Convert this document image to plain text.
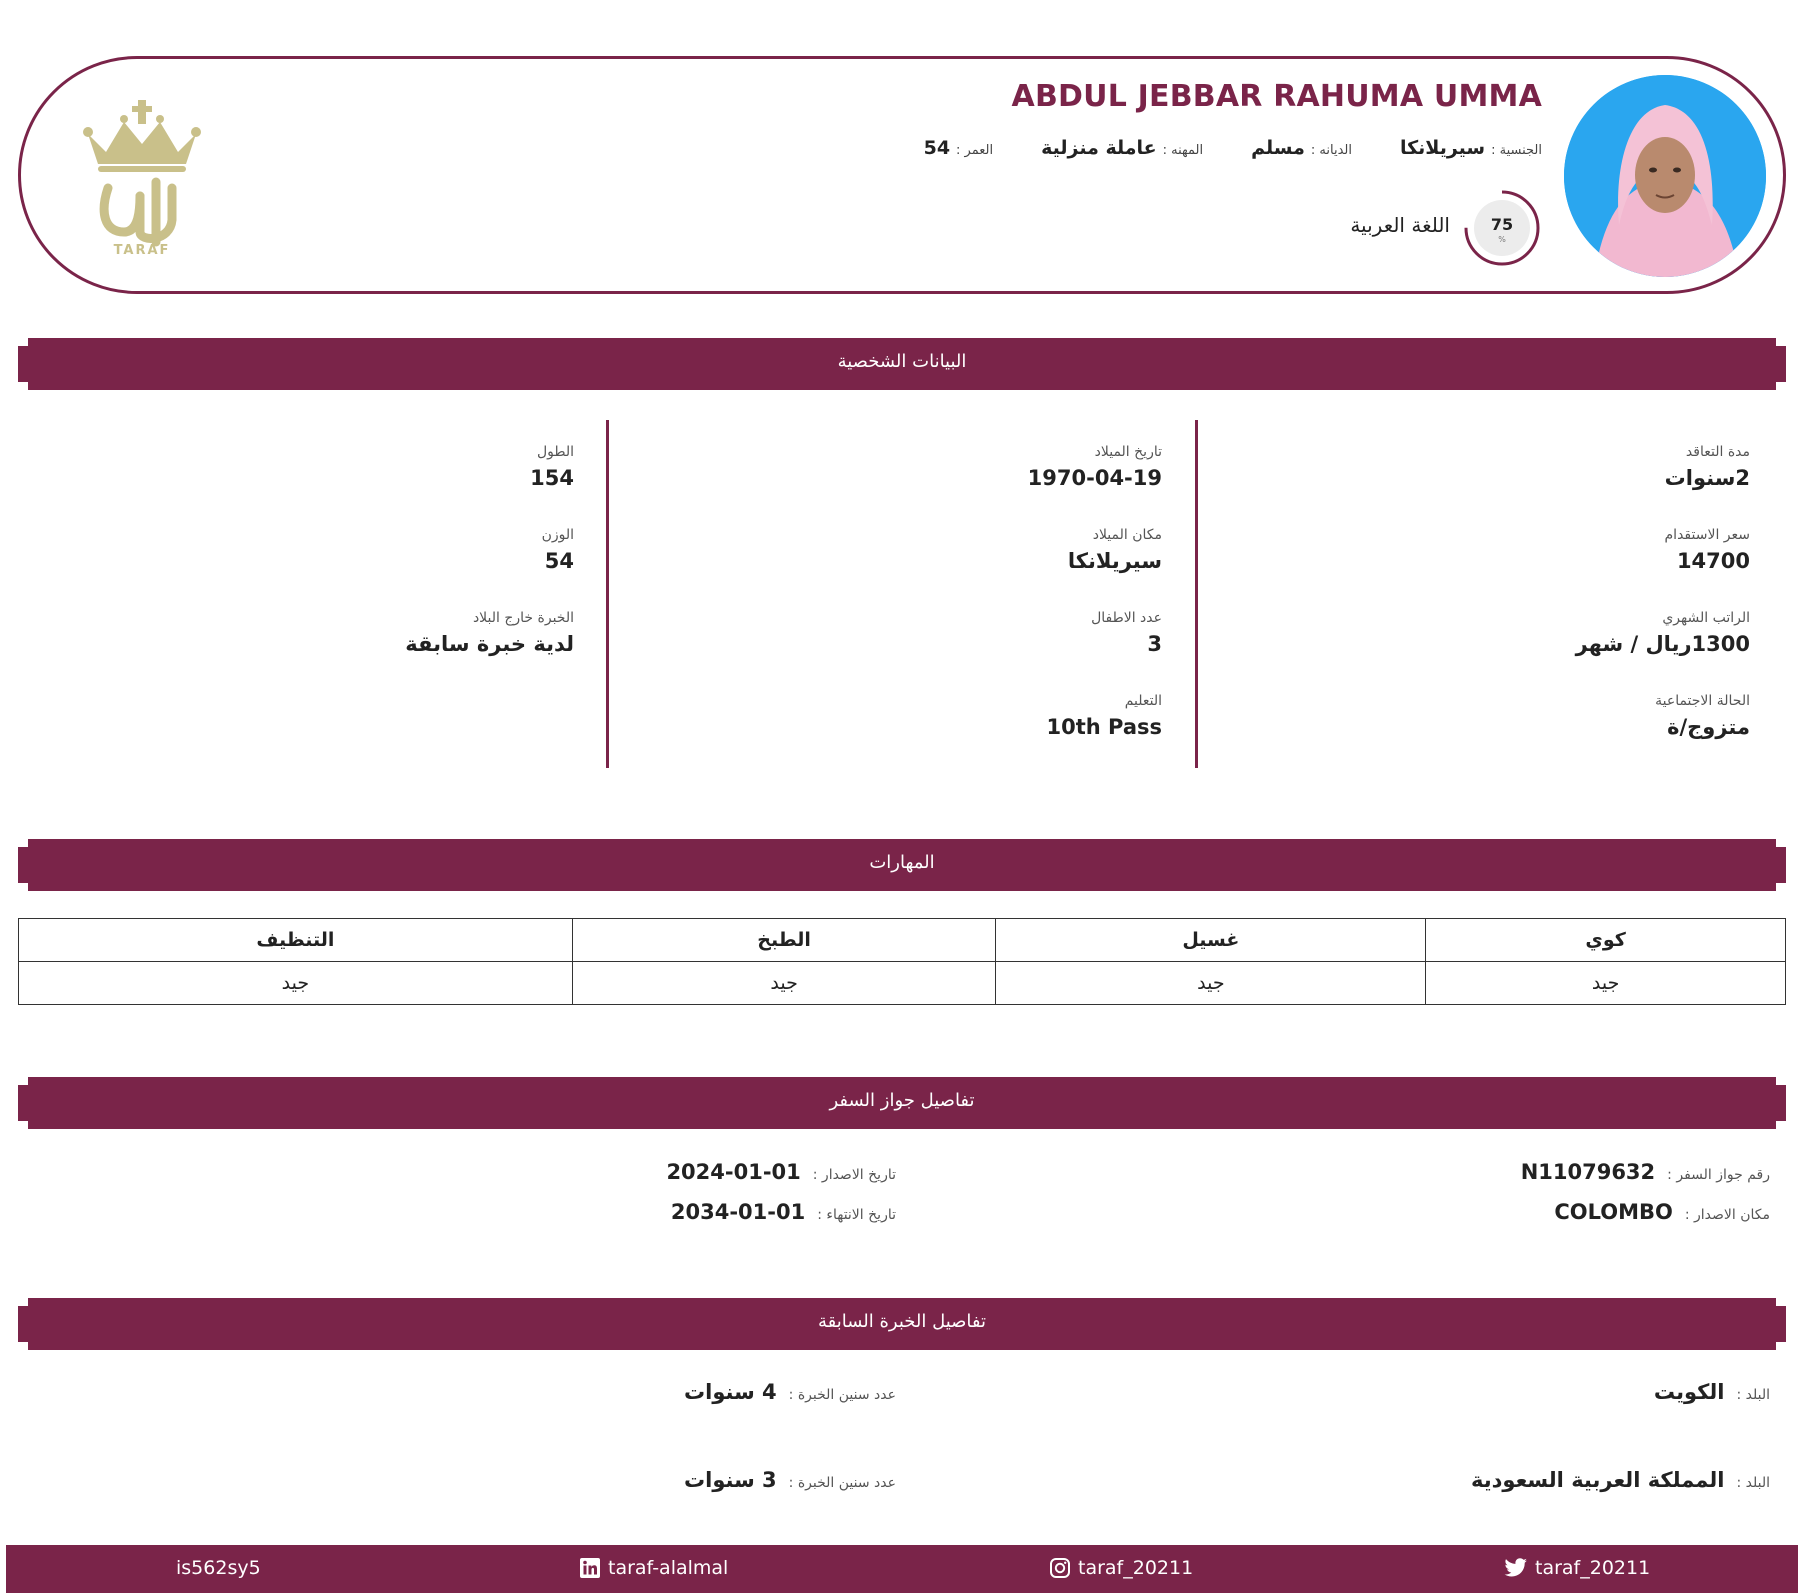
ABDUL JEBBAR RAHUMA UMMA
الجنسية :
سيريلانكا
الديانه :
مسلم
المهنه :
عاملة منزلية
العمر :
54
75
%
اللغة العربية
TARAF
البيانات الشخصية
مدة التعاقد
2سنوات
سعر الاستقدام
14700
الراتب الشهري
1300ريال / شهر
الحالة الاجتماعية
متزوج/ة
تاريخ الميلاد
1970-04-19
مكان الميلاد
سيريلانكا
عدد الاطفال
3
التعليم
10th Pass
الطول
154
الوزن
54
الخبرة خارج البلاد
لدية خبرة سابقة
المهارات
كوي	غسيل	الطبخ	التنظيف
جيد	جيد	جيد	جيد
تفاصيل جواز السفر
رقم جواز السفر :
N11079632
مكان الاصدار :
COLOMBO
تاريخ الاصدار :
2024-01-01
تاريخ الانتهاء :
2034-01-01
تفاصيل الخبرة السابقة
البلد :
الكويت
عدد سنين الخبرة :
4 سنوات
البلد :
المملكة العربية السعودية
عدد سنين الخبرة :
3 سنوات
is562sy5	taraf-alalmal	taraf_20211	taraf_20211
